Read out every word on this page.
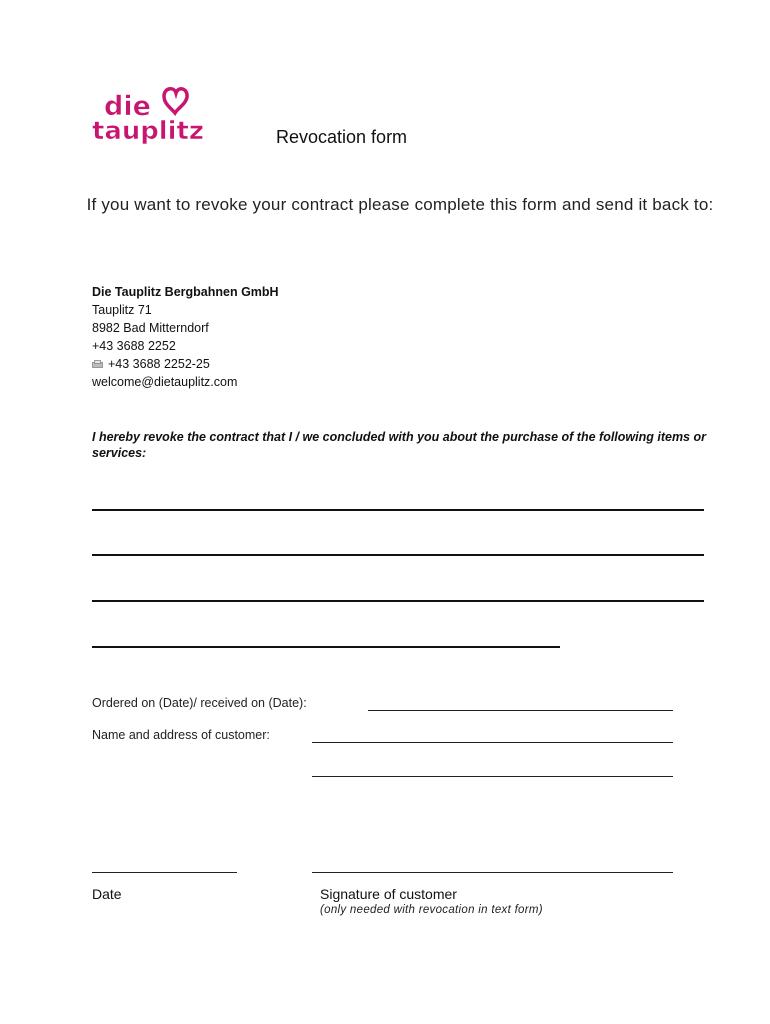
die
tauplitz	Revocation form
If you want to revoke your contract please complete this form and send it back to:
Die Tauplitz Bergbahnen GmbH
Tauplitz 71
8982 Bad Mitterndorf
+43 3688 2252
+43 3688 2252-25
welcome@dietauplitz.com
I hereby revoke the contract that I / we concluded with you about the purchase of the following items or services:
Ordered on (Date)/ received on (Date):
Name and address of customer:
Date	Signature of customer
(only needed with revocation in text form)
